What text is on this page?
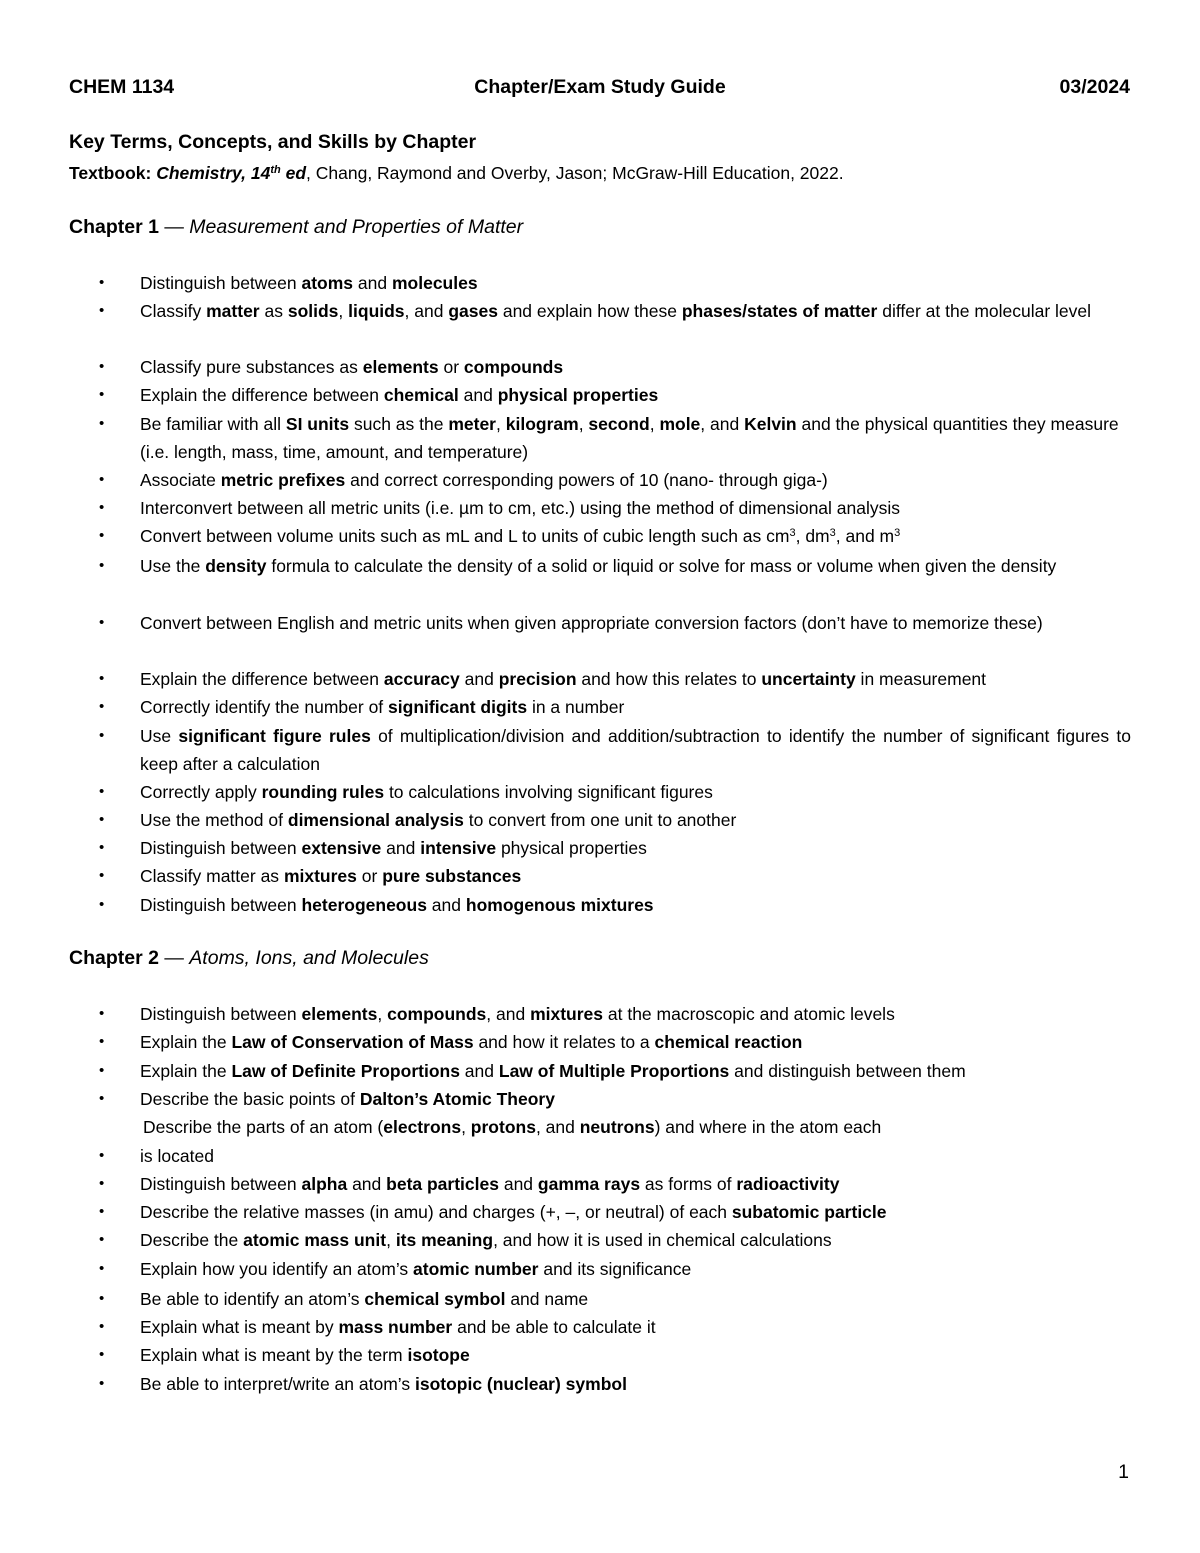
CHEM 1134	Chapter/Exam Study Guide	03/2024
Key Terms, Concepts, and Skills by Chapter
Textbook: Chemistry, 14th ed, Chang, Raymond and Overby, Jason; McGraw-Hill Education, 2022.
Chapter 1 — Measurement and Properties of Matter
•	Distinguish between atoms and molecules
•	Classify matter as solids, liquids, and gases and explain how these phases/states of matter differ at the molecular level
•	Classify pure substances as elements or compounds
•	Explain the difference between chemical and physical properties
•	Be familiar with all SI units such as the meter, kilogram, second, mole, and Kelvin and the physical quantities they measure (i.e. length, mass, time, amount, and temperature)
•	Associate metric prefixes and correct corresponding powers of 10 (nano- through giga-)
•	Interconvert between all metric units (i.e. µm to cm, etc.) using the method of dimensional analysis
•	Convert between volume units such as mL and L to units of cubic length such as $cm^3$, $dm^3$, and $m^3$
•	Use the density formula to calculate the density of a solid or liquid or solve for mass or volume when given the density
•	Convert between English and metric units when given appropriate conversion factors (don’t have to memorize these)
•	Explain the difference between accuracy and precision and how this relates to uncertainty in measurement
•	Correctly identify the number of significant digits in a number
•	Use significant figure rules of multiplication/division and addition/subtraction to identify the number of significant figures to keep after a calculation
•	Correctly apply rounding rules to calculations involving significant figures
•	Use the method of dimensional analysis to convert from one unit to another
•	Distinguish between extensive and intensive physical properties
•	Classify matter as mixtures or pure substances
•	Distinguish between heterogeneous and homogenous mixtures
Chapter 2 — Atoms, Ions, and Molecules
•	Distinguish between elements, compounds, and mixtures at the macroscopic and atomic levels
•	Explain the Law of Conservation of Mass and how it relates to a chemical reaction
•	Explain the Law of Definite Proportions and Law of Multiple Proportions and distinguish between them
•	Describe the basic points of Dalton’s Atomic Theory
Describe the parts of an atom (electrons, protons, and neutrons) and where in the atom each
•	is located
•	Distinguish between alpha and beta particles and gamma rays as forms of radioactivity
•	Describe the relative masses (in amu) and charges (+, –, or neutral) of each subatomic particle
•	Describe the atomic mass unit, its meaning, and how it is used in chemical calculations
•	Explain how you identify an atom’s atomic number and its significance
•	Be able to identify an atom’s chemical symbol and name
•	Explain what is meant by mass number and be able to calculate it
•	Explain what is meant by the term isotope
•	Be able to interpret/write an atom’s isotopic (nuclear) symbol
1
